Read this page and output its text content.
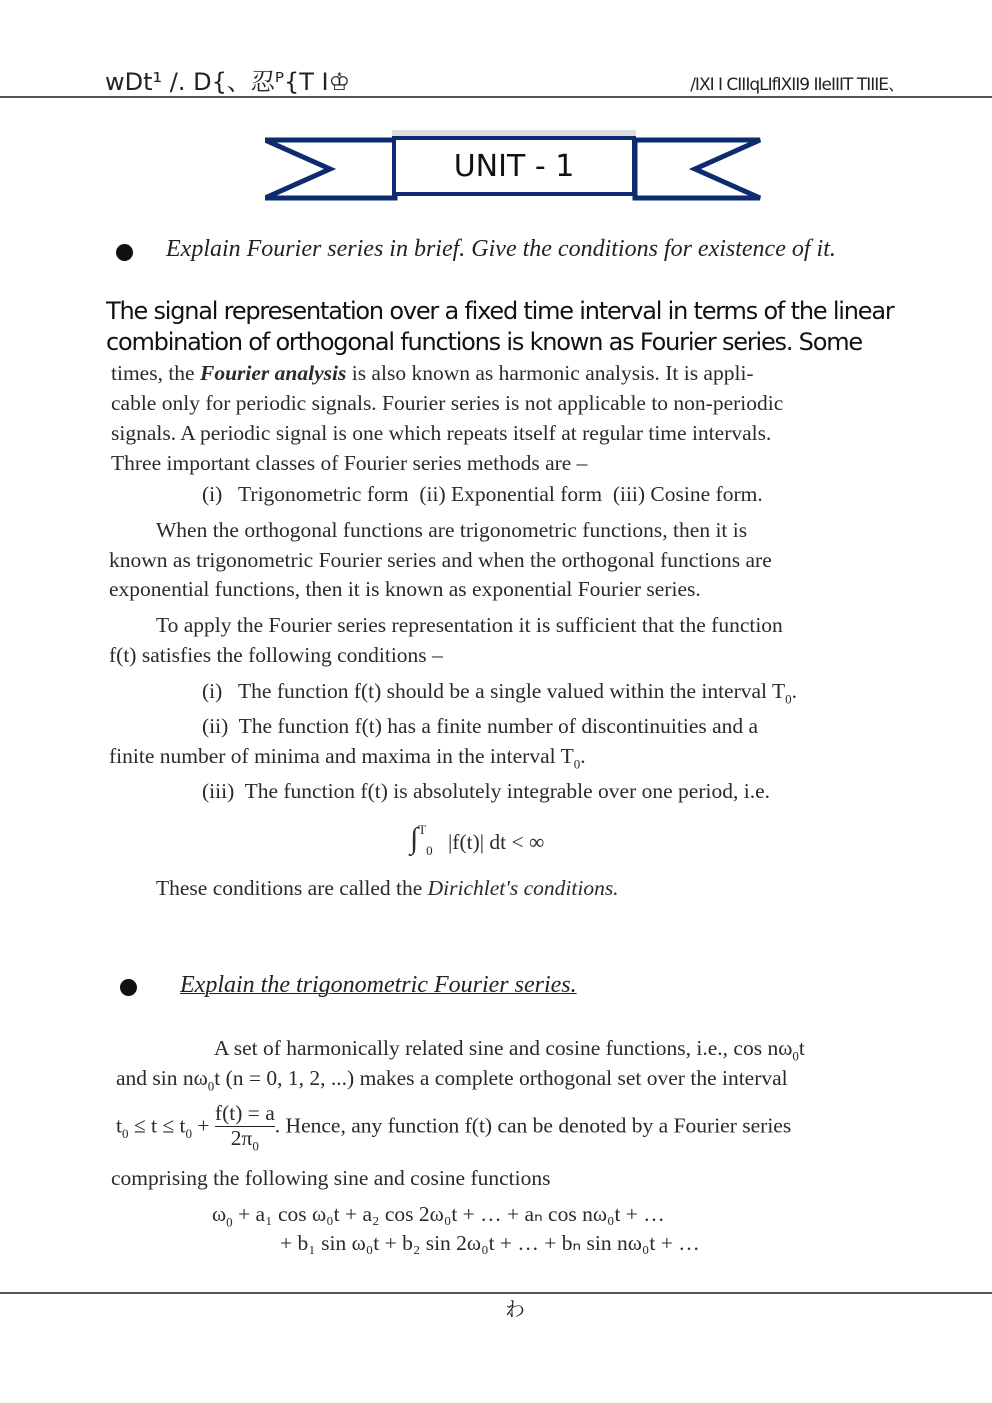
wDt¹ /. D{、忍ᴾ{T I♔	/IXI I CIIIqLIfIXII9 IIeIIIT TIIIE、
UNIT - 1
Explain Fourier series in brief. Give the conditions for existence of it.
The signal representation over a fixed time interval in terms of the linear
combination of orthogonal functions is known as Fourier series. Some
times, the Fourier analysis is also known as harmonic analysis. It is appli-
cable only for periodic signals. Fourier series is not applicable to non-periodic
signals. A periodic signal is one which repeats itself at regular time intervals.
Three important classes of Fourier series methods are –
(i)   Trigonometric form  (ii) Exponential form  (iii) Cosine form.
When the orthogonal functions are trigonometric functions, then it is
known as trigonometric Fourier series and when the orthogonal functions are
exponential functions, then it is known as exponential Fourier series.
To apply the Fourier series representation it is sufficient that the function
f(t) satisfies the following conditions –
(i)   The function f(t) should be a single valued within the interval $T_0$.
(ii)  The function f(t) has a finite number of discontinuities and a
finite number of minima and maxima in the interval $T_0$.
(iii)  The function f(t) is absolutely integrable over one period, i.e.
∫$^T_0$ |f(t)| dt < ∞
These conditions are called the Dirichlet's conditions.
Explain the trigonometric Fourier series.
A set of harmonically related sine and cosine functions, i.e., $\cos n\omega_0t$
and $\sin n\omega_0t$ (n = 0, 1, 2, ...) makes a complete orthogonal set over the interval
$t_0 \le t \le t_0 + \frac{f(t) = a}{2\pi_0}$ . Hence, any function f(t) can be denoted by a Fourier series
comprising the following sine and cosine functions
$\omega_0 + a_1$ cos ω₀t + a₂ cos 2ω₀t + … + aₙ cos nω₀t + …
+ b₁ sin ω₀t + b₂ sin 2ω₀t + … + bₙ sin nω₀t + …
わ
